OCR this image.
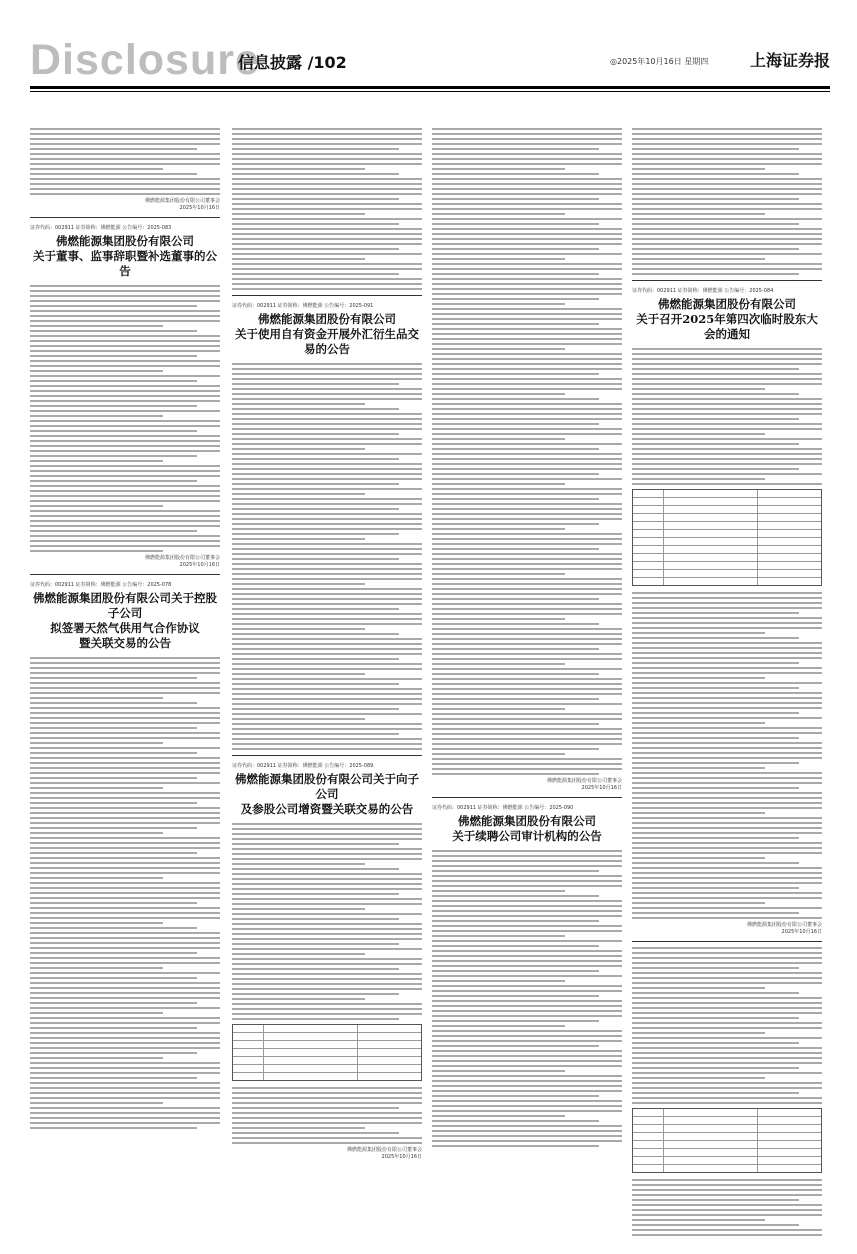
Disclosure
信息披露 /102	◎2025年10月16日 星期四	上海证券报
佛燃能源集团股份有限公司董事会
2025年10月16日
证券代码：002911 证券简称：佛燃能源 公告编号：2025-083
佛燃能源集团股份有限公司
关于董事、监事辞职暨补选董事的公告
佛燃能源集团股份有限公司董事会
2025年10月16日
证券代码：002911 证券简称：佛燃能源 公告编号：2025-078
佛燃能源集团股份有限公司关于控股子公司
拟签署天然气供用气合作协议
暨关联交易的公告
证券代码：002911 证券简称：佛燃能源 公告编号：2025-091
佛燃能源集团股份有限公司
关于使用自有资金开展外汇衍生品交易的公告
证券代码：002911 证券简称：佛燃能源 公告编号：2025-089
佛燃能源集团股份有限公司关于向子公司
及参股公司增资暨关联交易的公告
佛燃能源集团股份有限公司董事会
2025年10月16日
佛燃能源集团股份有限公司董事会
2025年10月16日
证券代码：002911 证券简称：佛燃能源 公告编号：2025-090
佛燃能源集团股份有限公司
关于续聘公司审计机构的公告
证券代码：002911 证券简称：佛燃能源 公告编号：2025-084
佛燃能源集团股份有限公司
关于召开2025年第四次临时股东大会的通知
佛燃能源集团股份有限公司董事会
2025年10月16日
